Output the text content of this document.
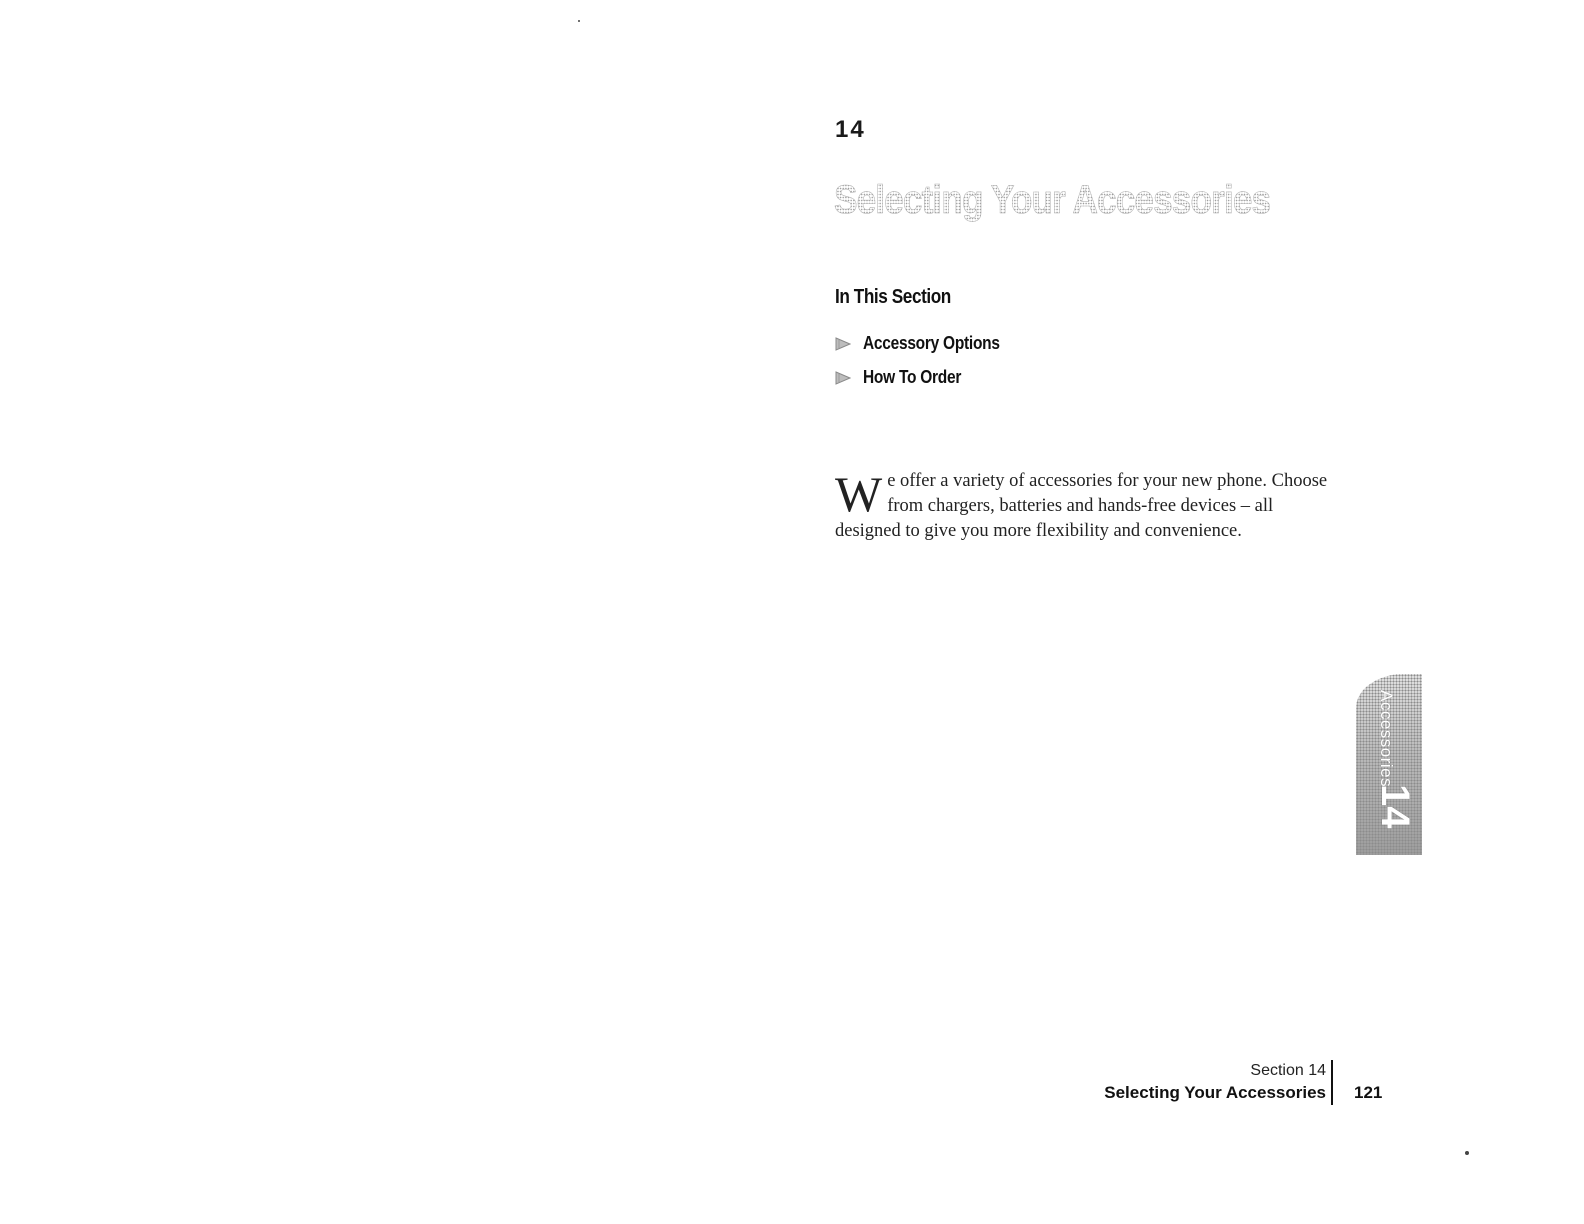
14
Selecting Your Accessories
In This Section
Accessory Options
How To Order
We offer a variety of accessories for your new phone. Choose from chargers, batteries and hands-free devices – all designed to give you more flexibility and convenience.
Accessories
14
Section 14
Selecting Your Accessories 121
